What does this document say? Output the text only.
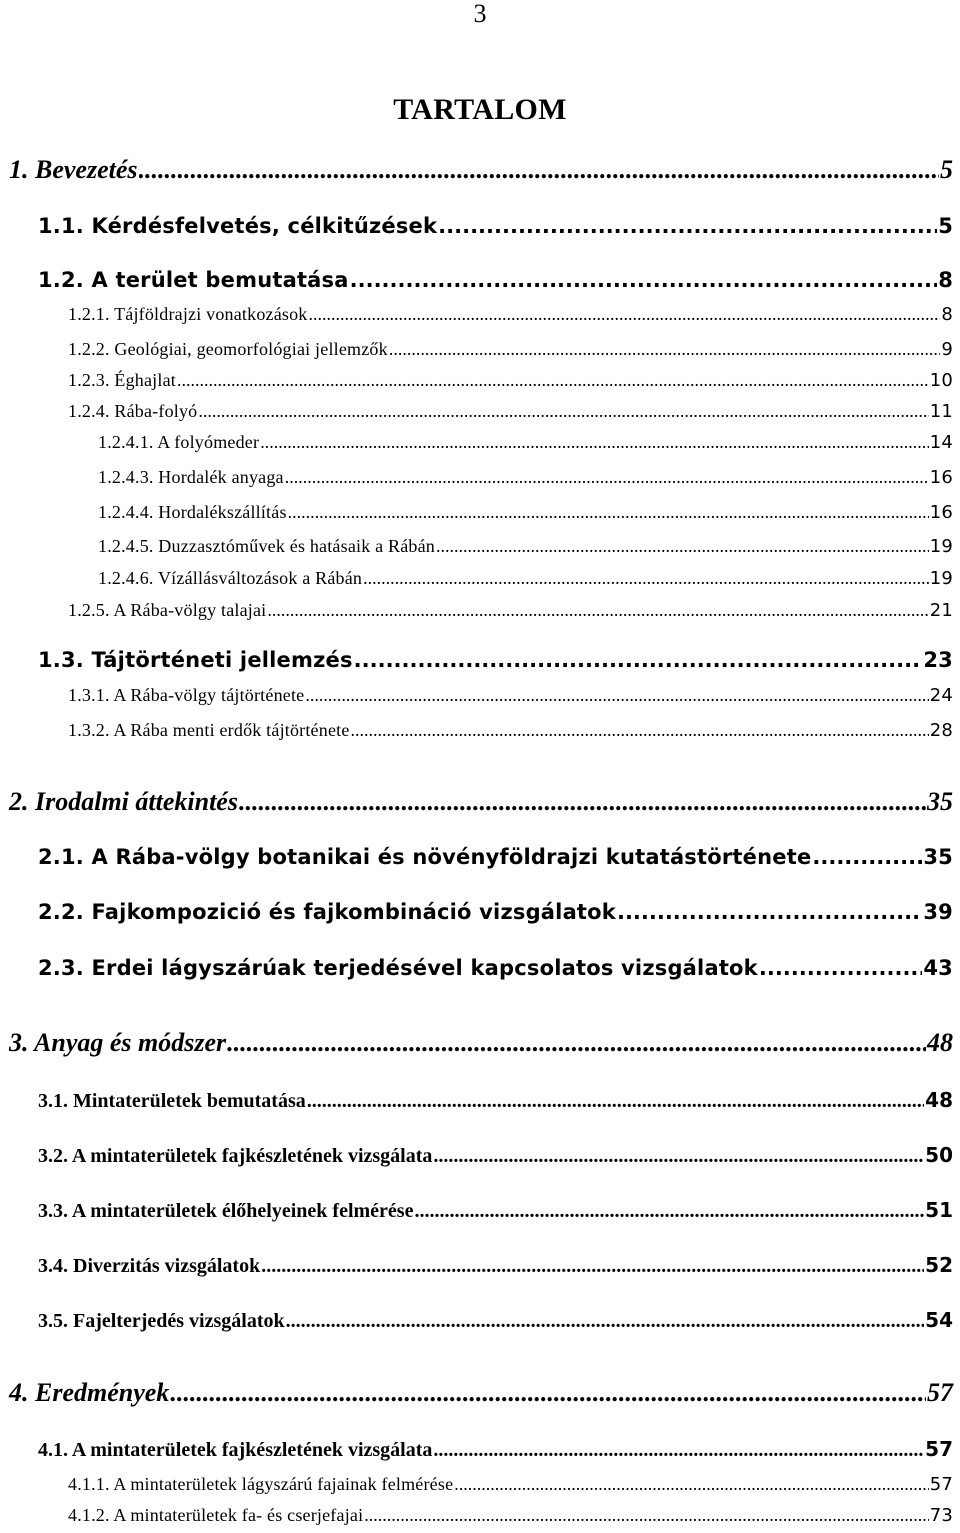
3
TARTALOM
1. Bevezetés .....	5
1.1. Kérdésfelvetés, célkitűzések .....	5
1.2. A terület bemutatása .....	8
1.2.1. Tájföldrajzi vonatkozások .....	8
1.2.2. Geológiai, geomorfológiai jellemzők .....	9
1.2.3. Éghajlat .....	10
1.2.4. Rába-folyó .....	11
1.2.4.1. A folyómeder .....	14
1.2.4.3. Hordalék anyaga .....	16
1.2.4.4. Hordalékszállítás .....	16
1.2.4.5. Duzzasztóművek és hatásaik a Rábán .....	19
1.2.4.6. Vízállásváltozások a Rábán .....	19
1.2.5. A Rába-völgy talajai .....	21
1.3. Tájtörténeti jellemzés .....	23
1.3.1. A Rába-völgy tájtörténete .....	24
1.3.2. A Rába menti erdők tájtörténete .....	28
2. Irodalmi áttekintés .....	35
2.1. A Rába-völgy botanikai és növényföldrajzi kutatástörténete .....	35
2.2. Fajkompozició és fajkombináció vizsgálatok .....	39
2.3. Erdei lágyszárúak terjedésével kapcsolatos vizsgálatok .....	43
3. Anyag és módszer .....	48
3.1. Mintaterületek bemutatása .....	48
3.2. A mintaterületek fajkészletének vizsgálata .....	50
3.3. A mintaterületek élőhelyeinek felmérése .....	51
3.4. Diverzitás vizsgálatok .....	52
3.5. Fajelterjedés vizsgálatok .....	54
4. Eredmények .....	57
4.1. A mintaterületek fajkészletének vizsgálata .....	57
4.1.1. A mintaterületek lágyszárú fajainak felmérése .....	57
4.1.2. A mintaterületek fa- és cserjefajai .....	73
